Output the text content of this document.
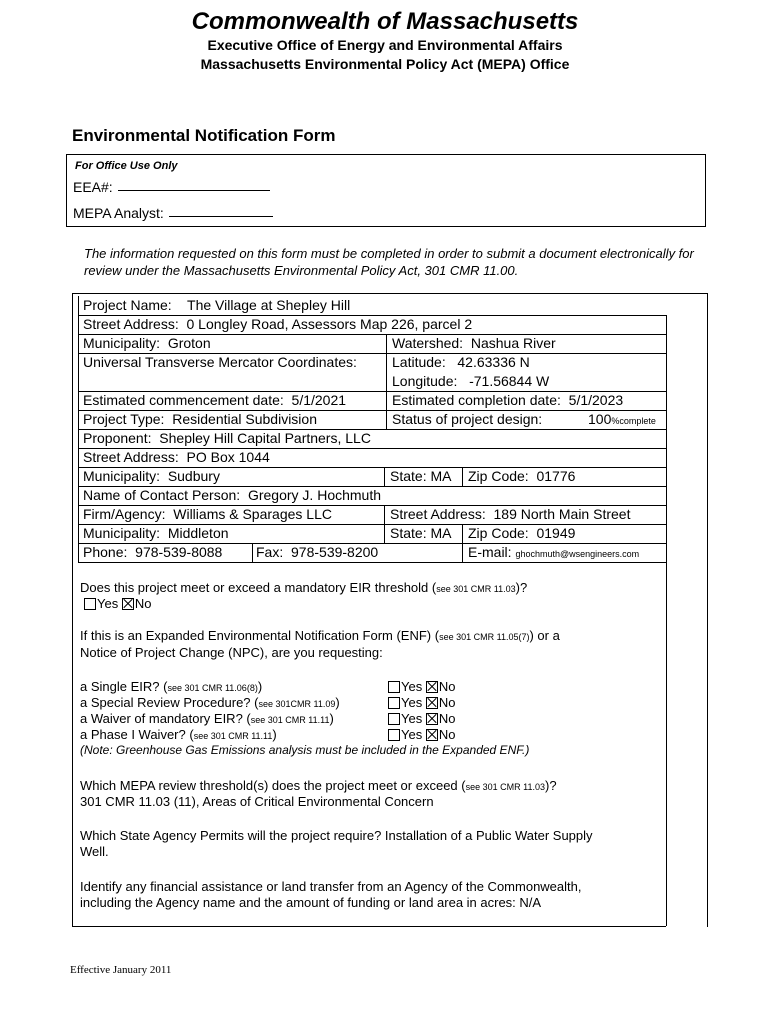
Commonwealth of Massachusetts
Executive Office of Energy and Environmental Affairs
Massachusetts Environmental Policy Act (MEPA) Office
Environmental Notification Form
For Office Use Only
EEA#:
MEPA Analyst:
The information requested on this form must be completed in order to submit a document electronically for review under the Massachusetts Environmental Policy Act, 301 CMR 11.00.
Project Name: The Village at Shepley Hill
Street Address: 0 Longley Road, Assessors Map 226, parcel 2
Municipality: Groton	Watershed: Nashua River
Universal Transverse Mercator Coordinates:	Latitude: 42.63336 N
Longitude: -71.56844 W
Estimated commencement date: 5/1/2021	Estimated completion date: 5/1/2023
Project Type: Residential Subdivision	Status of project design:	100%complete
Proponent: Shepley Hill Capital Partners, LLC
Street Address: PO Box 1044
Municipality: Sudbury	State: MA Zip Code: 01776
Name of Contact Person: Gregory J. Hochmuth
Firm/Agency: Williams & Sparages LLC	Street Address: 189 North Main Street
Municipality: Middleton	State: MA Zip Code: 01949
Phone: 978-539-8088 Fax: 978-539-8200	E-mail: ghochmuth@wsengineers.com
Does this project meet or exceed a mandatory EIR threshold (see 301 CMR 11.03)?
Yes No
If this is an Expanded Environmental Notification Form (ENF) (see 301 CMR 11.05(7)) or a
Notice of Project Change (NPC), are you requesting:
a Single EIR? (see 301 CMR 11.06(8))	Yes No
a Special Review Procedure? (see 301CMR 11.09)	Yes No
a Waiver of mandatory EIR? (see 301 CMR 11.11)	Yes No
a Phase I Waiver? (see 301 CMR 11.11)	Yes No
(Note: Greenhouse Gas Emissions analysis must be included in the Expanded ENF.)
Which MEPA review threshold(s) does the project meet or exceed (see 301 CMR 11.03)?
301 CMR 11.03 (11), Areas of Critical Environmental Concern
Which State Agency Permits will the project require? Installation of a Public Water Supply
Well.
Identify any financial assistance or land transfer from an Agency of the Commonwealth,
including the Agency name and the amount of funding or land area in acres: N/A
Effective January 2011
